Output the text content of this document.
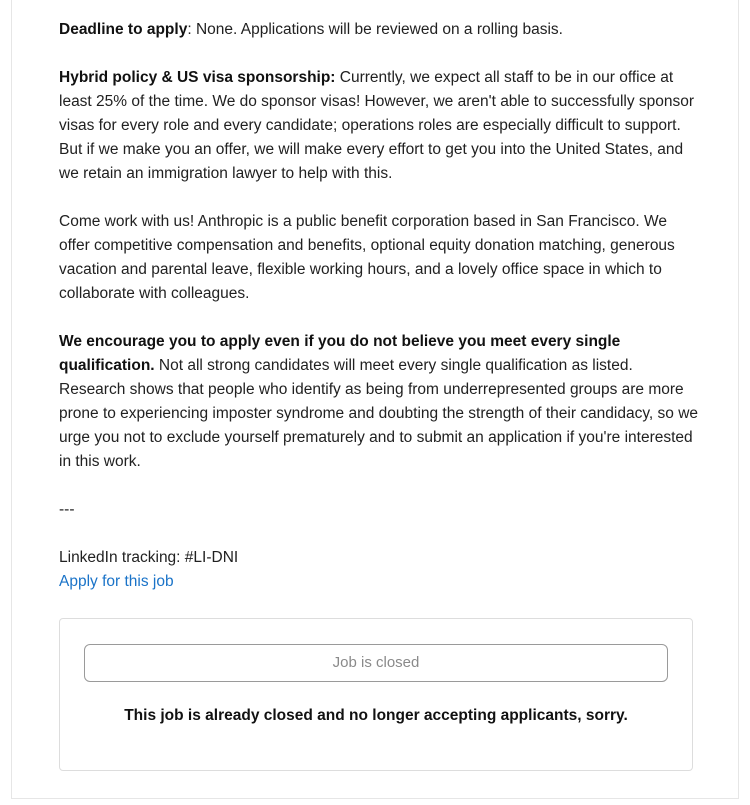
Deadline to apply: None. Applications will be reviewed on a rolling basis.

Hybrid policy & US visa sponsorship: Currently, we expect all staff to be in our office at least 25% of the time. We do sponsor visas! However, we aren't able to successfully sponsor visas for every role and every candidate; operations roles are especially difficult to support. But if we make you an offer, we will make every effort to get you into the United States, and we retain an immigration lawyer to help with this.

Come work with us! Anthropic is a public benefit corporation based in San Francisco. We offer competitive compensation and benefits, optional equity donation matching, generous vacation and parental leave, flexible working hours, and a lovely office space in which to collaborate with colleagues.

We encourage you to apply even if you do not believe you meet every single qualification. Not all strong candidates will meet every single qualification as listed. Research shows that people who identify as being from underrepresented groups are more prone to experiencing imposter syndrome and doubting the strength of their candidacy, so we urge you not to exclude yourself prematurely and to submit an application if you're interested in this work.

---

LinkedIn tracking: #LI-DNI
Apply for this job
Job is closed
This job is already closed and no longer accepting applicants, sorry.
